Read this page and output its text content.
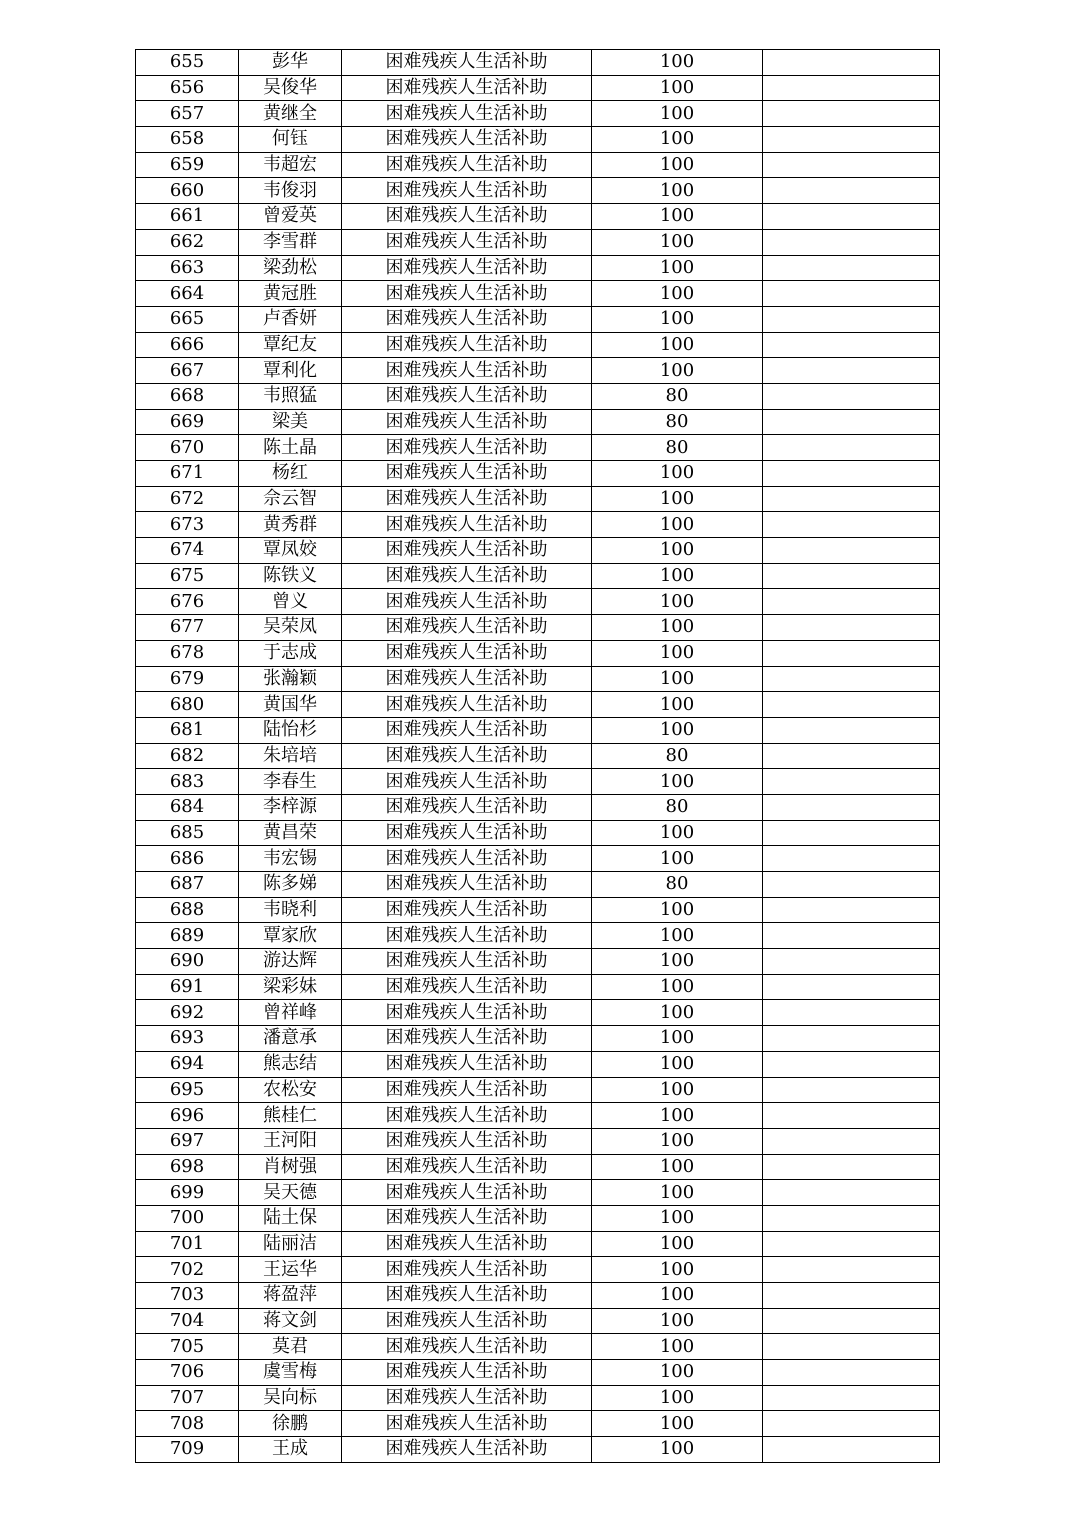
655	彭华	困难残疾人生活补助	100	
656	吴俊华	困难残疾人生活补助	100	
657	黄继全	困难残疾人生活补助	100	
658	何钰	困难残疾人生活补助	100	
659	韦超宏	困难残疾人生活补助	100	
660	韦俊羽	困难残疾人生活补助	100	
661	曾爱英	困难残疾人生活补助	100	
662	李雪群	困难残疾人生活补助	100	
663	梁劲松	困难残疾人生活补助	100	
664	黄冠胜	困难残疾人生活补助	100	
665	卢香妍	困难残疾人生活补助	100	
666	覃纪友	困难残疾人生活补助	100	
667	覃利化	困难残疾人生活补助	100	
668	韦照猛	困难残疾人生活补助	80	
669	梁美	困难残疾人生活补助	80	
670	陈土晶	困难残疾人生活补助	80	
671	杨红	困难残疾人生活补助	100	
672	佘云智	困难残疾人生活补助	100	
673	黄秀群	困难残疾人生活补助	100	
674	覃凤姣	困难残疾人生活补助	100	
675	陈铁义	困难残疾人生活补助	100	
676	曾义	困难残疾人生活补助	100	
677	吴荣凤	困难残疾人生活补助	100	
678	于志成	困难残疾人生活补助	100	
679	张瀚颖	困难残疾人生活补助	100	
680	黄国华	困难残疾人生活补助	100	
681	陆怡杉	困难残疾人生活补助	100	
682	朱培培	困难残疾人生活补助	80	
683	李春生	困难残疾人生活补助	100	
684	李梓源	困难残疾人生活补助	80	
685	黄昌荣	困难残疾人生活补助	100	
686	韦宏锡	困难残疾人生活补助	100	
687	陈多娣	困难残疾人生活补助	80	
688	韦晓利	困难残疾人生活补助	100	
689	覃家欣	困难残疾人生活补助	100	
690	游达辉	困难残疾人生活补助	100	
691	梁彩妹	困难残疾人生活补助	100	
692	曾祥峰	困难残疾人生活补助	100	
693	潘意承	困难残疾人生活补助	100	
694	熊志结	困难残疾人生活补助	100	
695	农松安	困难残疾人生活补助	100	
696	熊桂仁	困难残疾人生活补助	100	
697	王河阳	困难残疾人生活补助	100	
698	肖树强	困难残疾人生活补助	100	
699	吴天德	困难残疾人生活补助	100	
700	陆土保	困难残疾人生活补助	100	
701	陆丽洁	困难残疾人生活补助	100	
702	王运华	困难残疾人生活补助	100	
703	蒋盈萍	困难残疾人生活补助	100	
704	蒋文剑	困难残疾人生活补助	100	
705	莫君	困难残疾人生活补助	100	
706	虞雪梅	困难残疾人生活补助	100	
707	吴向标	困难残疾人生活补助	100	
708	徐鹏	困难残疾人生活补助	100	
709	王成	困难残疾人生活补助	100	
